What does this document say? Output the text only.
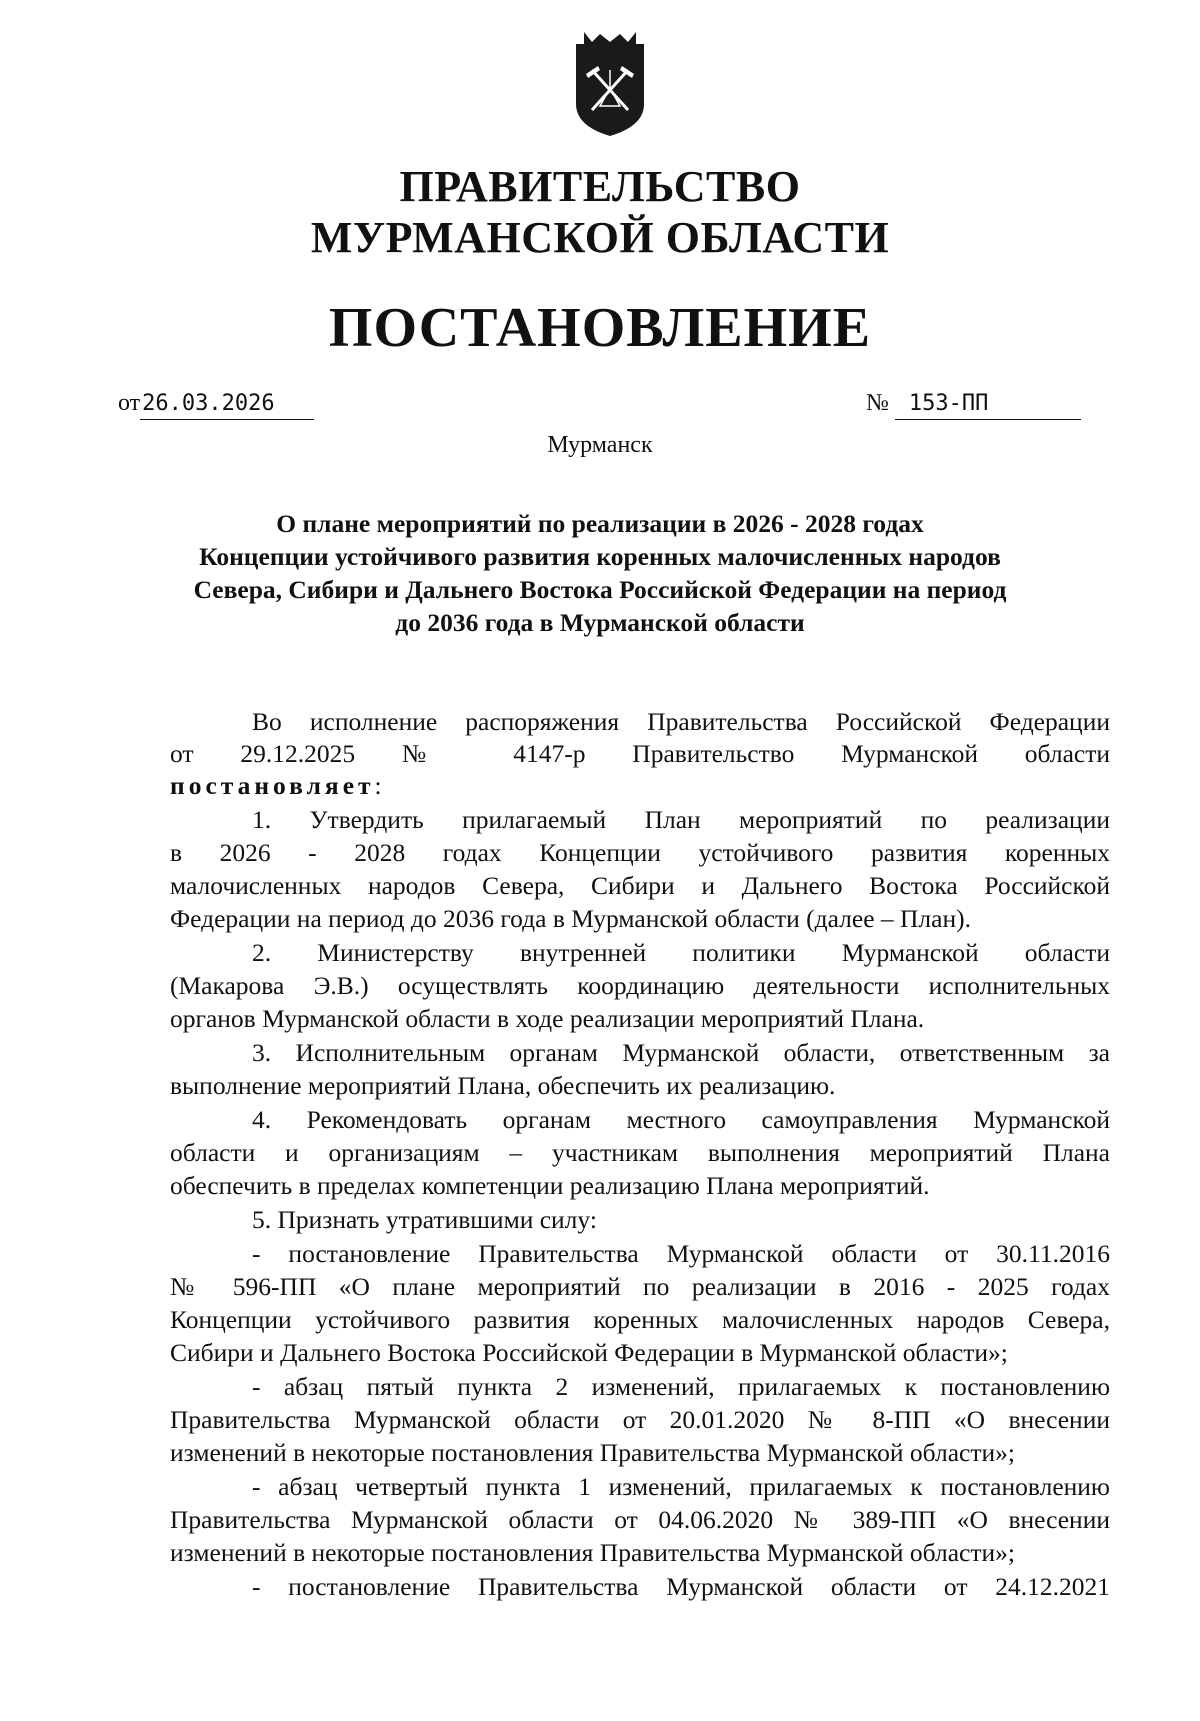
ПРАВИТЕЛЬСТВО
МУРМАНСКОЙ ОБЛАСТИ
ПОСТАНОВЛЕНИЕ
от26.03.2026	№ 153-ПП
Мурманск
О плане мероприятий по реализации в 2026 - 2028 годах
Концепции устойчивого развития коренных малочисленных народов
Севера, Сибири и Дальнего Востока Российской Федерации на период
до 2036 года в Мурманской области
Во исполнение распоряжения Правительства Российской Федерации
от 29.12.2025 № 4147-р Правительство Мурманской области
постановляет:
1. Утвердить прилагаемый План мероприятий по реализации
в 2026 - 2028 годах Концепции устойчивого развития коренных
малочисленных народов Севера, Сибири и Дальнего Востока Российской
Федерации на период до 2036 года в Мурманской области (далее – План).
2. Министерству внутренней политики Мурманской области
(Макарова Э.В.) осуществлять координацию деятельности исполнительных
органов Мурманской области в ходе реализации мероприятий Плана.
3. Исполнительным органам Мурманской области, ответственным за
выполнение мероприятий Плана, обеспечить их реализацию.
4. Рекомендовать органам местного самоуправления Мурманской
области и организациям – участникам выполнения мероприятий Плана
обеспечить в пределах компетенции реализацию Плана мероприятий.
5. Признать утратившими силу:
- постановление Правительства Мурманской области от 30.11.2016
№ 596-ПП «О плане мероприятий по реализации в 2016 - 2025 годах
Концепции устойчивого развития коренных малочисленных народов Севера,
Сибири и Дальнего Востока Российской Федерации в Мурманской области»;
- абзац пятый пункта 2 изменений, прилагаемых к постановлению
Правительства Мурманской области от 20.01.2020 № 8-ПП «О внесении
изменений в некоторые постановления Правительства Мурманской области»;
- абзац четвертый пункта 1 изменений, прилагаемых к постановлению
Правительства Мурманской области от 04.06.2020 № 389-ПП «О внесении
изменений в некоторые постановления Правительства Мурманской области»;
- постановление Правительства Мурманской области от 24.12.2021
